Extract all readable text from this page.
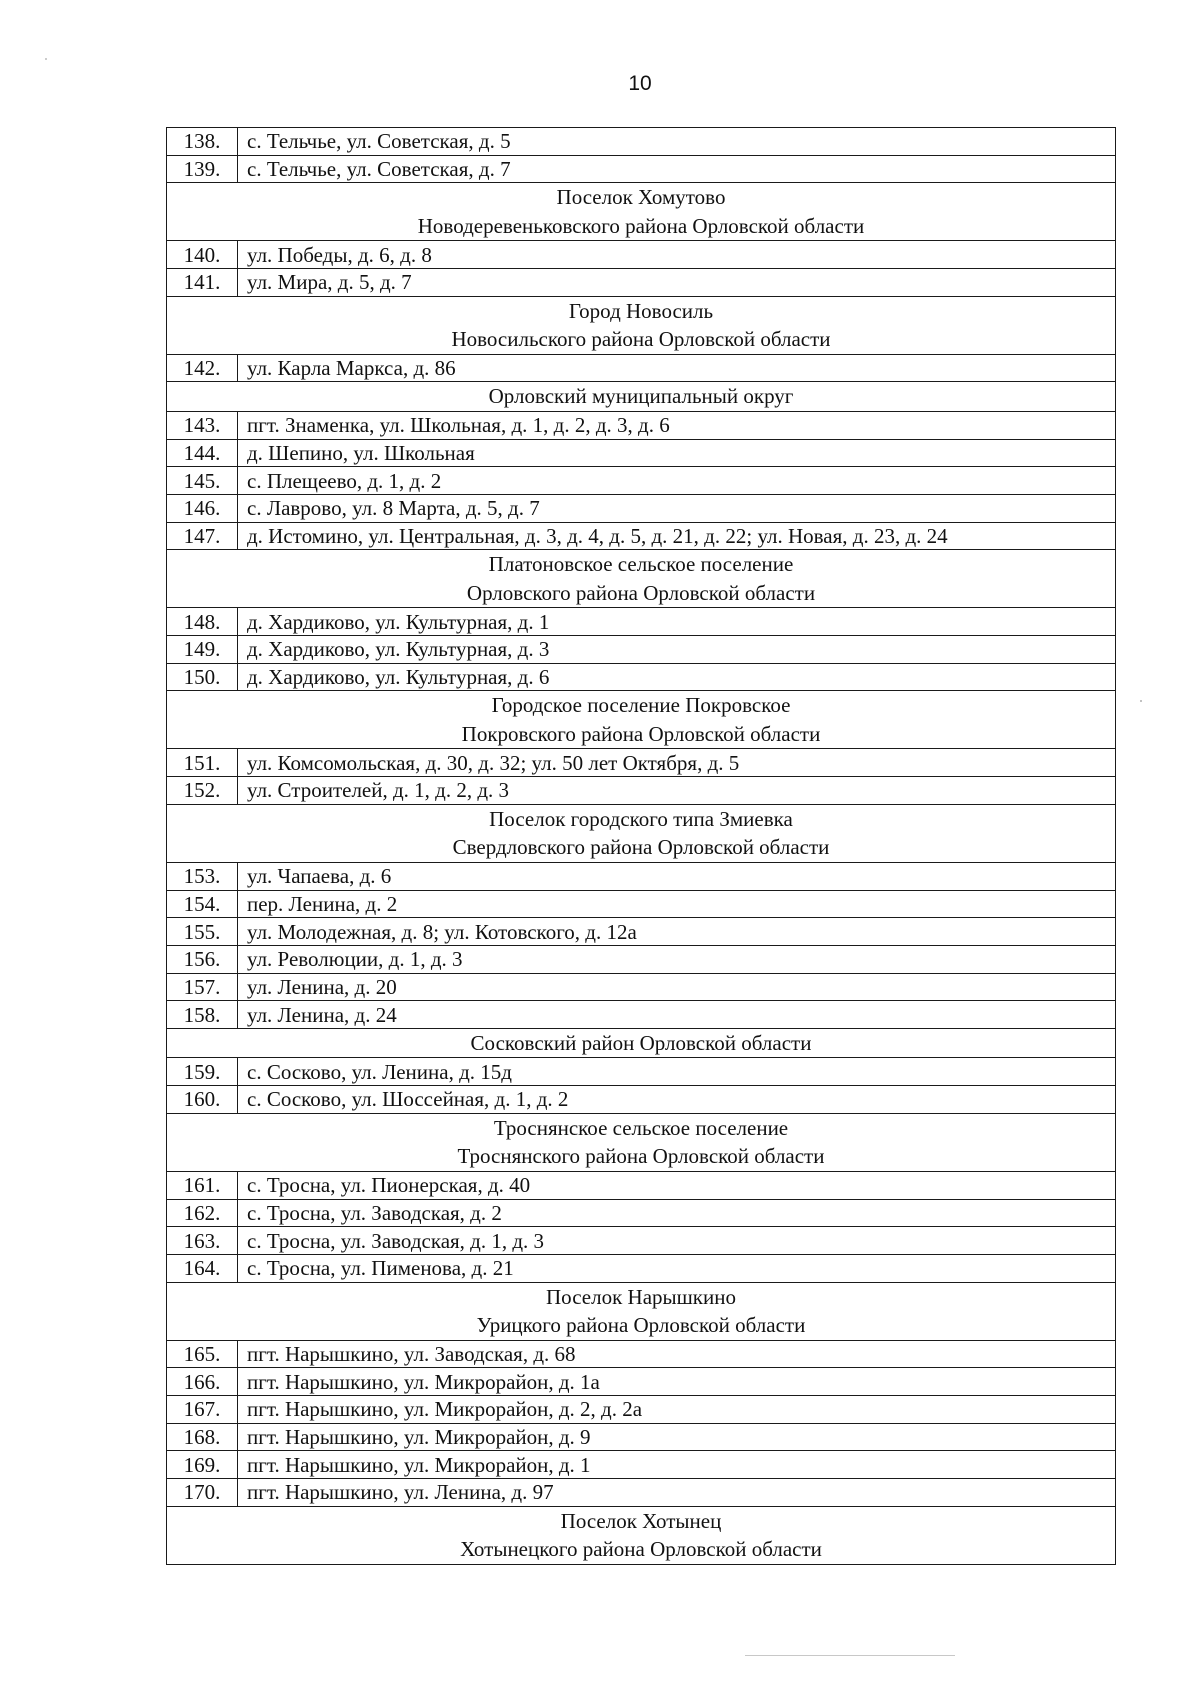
10
138.	с. Тельчье, ул. Советская, д. 5
139.	с. Тельчье, ул. Советская, д. 7

Поселок Хомутово
Новодеревеньковского района Орловской области	

140.	ул. Победы, д. 6, д. 8
141.	ул. Мира, д. 5, д. 7

Город Новосиль
Новосильского района Орловской области	

142.	ул. Карла Маркса, д. 86

Орловский муниципальный округ	

143.	пгт. Знаменка, ул. Школьная, д. 1, д. 2, д. 3, д. 6
144.	д. Шепино, ул. Школьная
145.	с. Плещеево, д. 1, д. 2
146.	с. Лаврово, ул. 8 Марта, д. 5, д. 7
147.	д. Истомино, ул. Центральная, д. 3, д. 4, д. 5, д. 21, д. 22; ул. Новая, д. 23, д. 24

Платоновское сельское поселение
Орловского района Орловской области	

148.	д. Хардиково, ул. Культурная, д. 1
149.	д. Хардиково, ул. Культурная, д. 3
150.	д. Хардиково, ул. Культурная, д. 6

Городское поселение Покровское
Покровского района Орловской области	

151.	ул. Комсомольская, д. 30, д. 32; ул. 50 лет Октября, д. 5
152.	ул. Строителей, д. 1, д. 2, д. 3

Поселок городского типа Змиевка
Свердловского района Орловской области	

153.	ул. Чапаева, д. 6
154.	пер. Ленина, д. 2
155.	ул. Молодежная, д. 8; ул. Котовского, д. 12а
156.	ул. Революции, д. 1, д. 3
157.	ул. Ленина, д. 20
158.	ул. Ленина, д. 24

Сосковский район Орловской области	

159.	с. Сосково, ул. Ленина, д. 15д
160.	с. Сосково, ул. Шоссейная, д. 1, д. 2

Троснянское сельское поселение
Троснянского района Орловской области	

161.	с. Тросна, ул. Пионерская, д. 40
162.	с. Тросна, ул. Заводская, д. 2
163.	с. Тросна, ул. Заводская, д. 1, д. 3
164.	с. Тросна, ул. Пименова, д. 21

Поселок Нарышкино
Урицкого района Орловской области	

165.	пгт. Нарышкино, ул. Заводская, д. 68
166.	пгт. Нарышкино, ул. Микрорайон, д. 1а
167.	пгт. Нарышкино, ул. Микрорайон, д. 2, д. 2а
168.	пгт. Нарышкино, ул. Микрорайон, д. 9
169.	пгт. Нарышкино, ул. Микрорайон, д. 1
170.	пгт. Нарышкино, ул. Ленина, д. 97

Поселок Хотынец
Хотынецкого района Орловской области	
